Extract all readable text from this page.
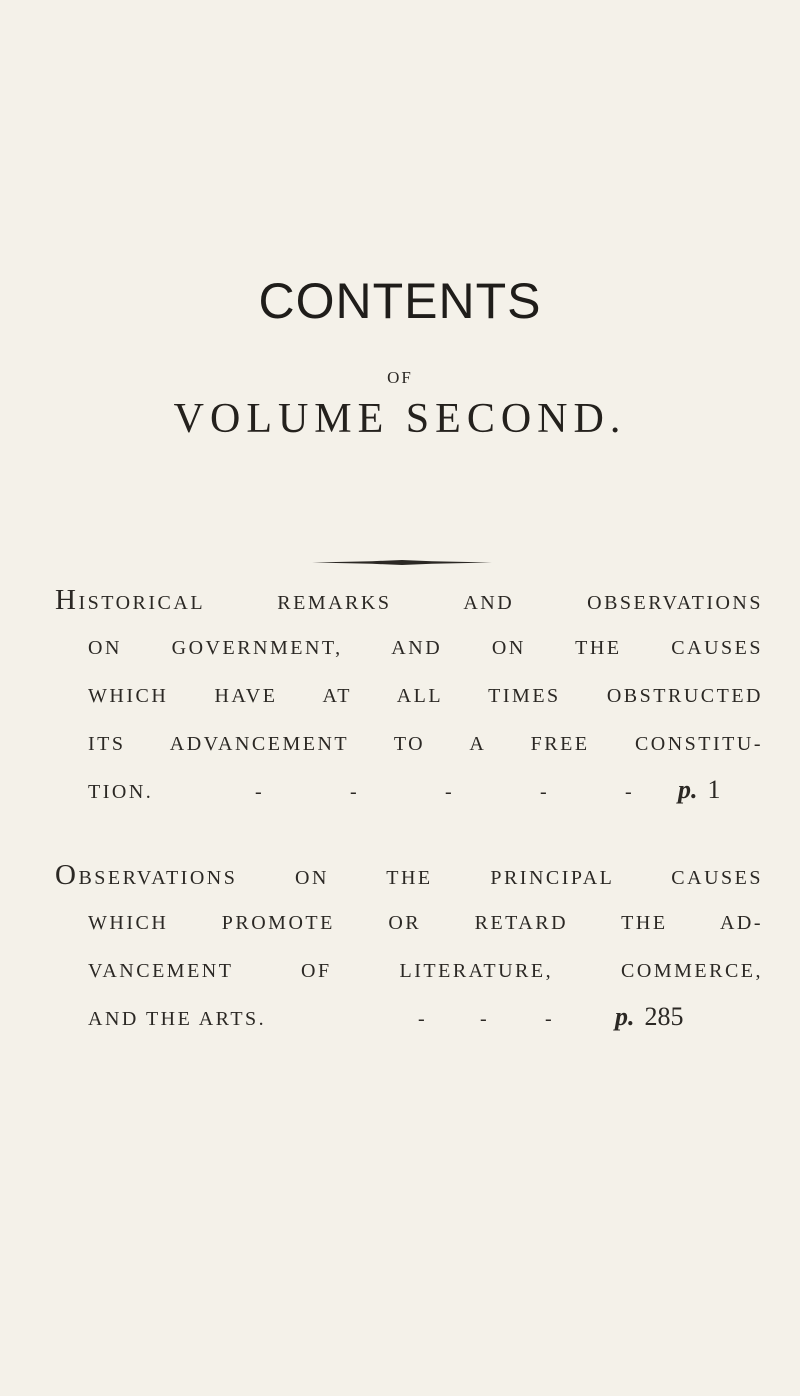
CONTENTS
OF
VOLUME SECOND.
HISTORICAL REMARKS AND OBSERVATIONS
ON GOVERNMENT, AND ON THE CAUSES
WHICH HAVE AT ALL TIMES OBSTRUCTED
ITS ADVANCEMENT TO A FREE CONSTITU-
TION.	-	-	-	-	- p. 1
OBSERVATIONS ON THE PRINCIPAL CAUSES
WHICH PROMOTE OR RETARD THE AD-
VANCEMENT OF LITERATURE, COMMERCE,
AND THE ARTS.	-	-	- p. 285
